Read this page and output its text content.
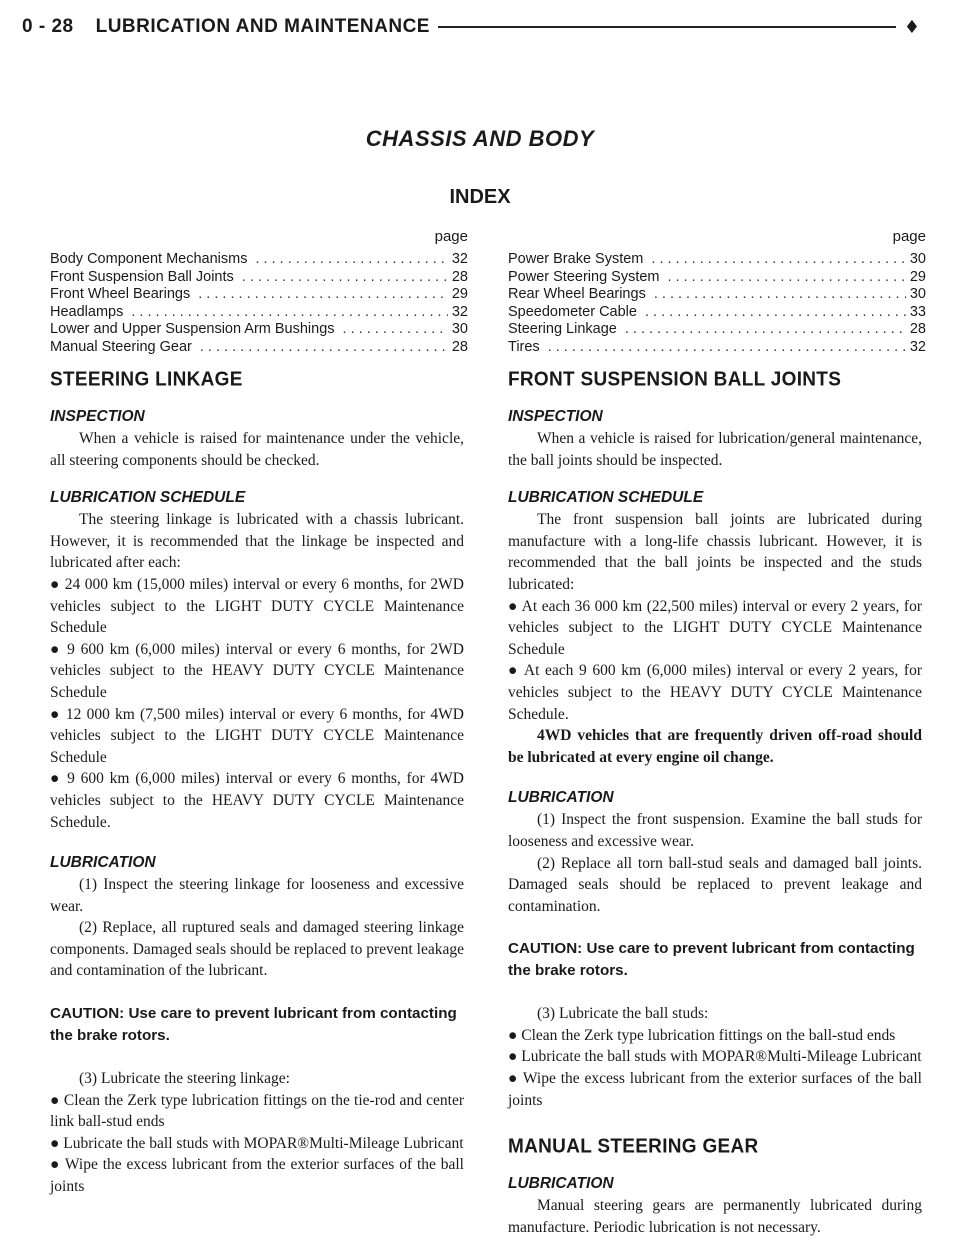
0 - 28 LUBRICATION AND MAINTENANCE	♦
CHASSIS AND BODY
INDEX
page
Body Component Mechanisms . . .	32
Front Suspension Ball Joints . . .	28
Front Wheel Bearings . . .	29
Headlamps . . .	32
Lower and Upper Suspension Arm Bushings . . .	30
Manual Steering Gear . . .	28
page
Power Brake System . . .	30
Power Steering System . . .	29
Rear Wheel Bearings . . .	30
Speedometer Cable . . .	33
Steering Linkage . . .	28
Tires . . .	32
STEERING LINKAGE
INSPECTION

When a vehicle is raised for maintenance under the vehicle, all steering components should be checked.

LUBRICATION SCHEDULE

The steering linkage is lubricated with a chassis lubricant. However, it is recommended that the linkage be inspected and lubricated after each:

● 24 000 km (15,000 miles) interval or every 6 months, for 2WD vehicles subject to the LIGHT DUTY CYCLE Maintenance Schedule

● 9 600 km (6,000 miles) interval or every 6 months, for 2WD vehicles subject to the HEAVY DUTY CYCLE Maintenance Schedule

● 12 000 km (7,500 miles) interval or every 6 months, for 4WD vehicles subject to the LIGHT DUTY CYCLE Maintenance Schedule

● 9 600 km (6,000 miles) interval or every 6 months, for 4WD vehicles subject to the HEAVY DUTY CYCLE Maintenance Schedule.

LUBRICATION

(1) Inspect the steering linkage for looseness and excessive wear.

(2) Replace, all ruptured seals and damaged steering linkage components. Damaged seals should be replaced to prevent leakage and contamination of the lubricant.

CAUTION: Use care to prevent lubricant from contacting the brake rotors.

(3) Lubricate the steering linkage:

● Clean the Zerk type lubrication fittings on the tie-rod and center link ball-stud ends

● Lubricate the ball studs with MOPAR®Multi-Mileage Lubricant

● Wipe the excess lubricant from the exterior surfaces of the ball joints

FRONT SUSPENSION BALL JOINTS
INSPECTION

When a vehicle is raised for lubrication/general maintenance, the ball joints should be inspected.

LUBRICATION SCHEDULE

The front suspension ball joints are lubricated during manufacture with a long-life chassis lubricant. However, it is recommended that the ball joints be inspected and the studs lubricated:

● At each 36 000 km (22,500 miles) interval or every 2 years, for vehicles subject to the LIGHT DUTY CYCLE Maintenance Schedule

● At each 9 600 km (6,000 miles) interval or every 2 years, for vehicles subject to the HEAVY DUTY CYCLE Maintenance Schedule.

4WD vehicles that are frequently driven off-road should be lubricated at every engine oil change.

LUBRICATION

(1) Inspect the front suspension. Examine the ball studs for looseness and excessive wear.

(2) Replace all torn ball-stud seals and damaged ball joints. Damaged seals should be replaced to prevent leakage and contamination.

CAUTION: Use care to prevent lubricant from contacting the brake rotors.

(3) Lubricate the ball studs:

● Clean the Zerk type lubrication fittings on the ball-stud ends

● Lubricate the ball studs with MOPAR®Multi-Mileage Lubricant

● Wipe the excess lubricant from the exterior surfaces of the ball joints

MANUAL STEERING GEAR
LUBRICATION

Manual steering gears are permanently lubricated during manufacture. Periodic lubrication is not necessary.
